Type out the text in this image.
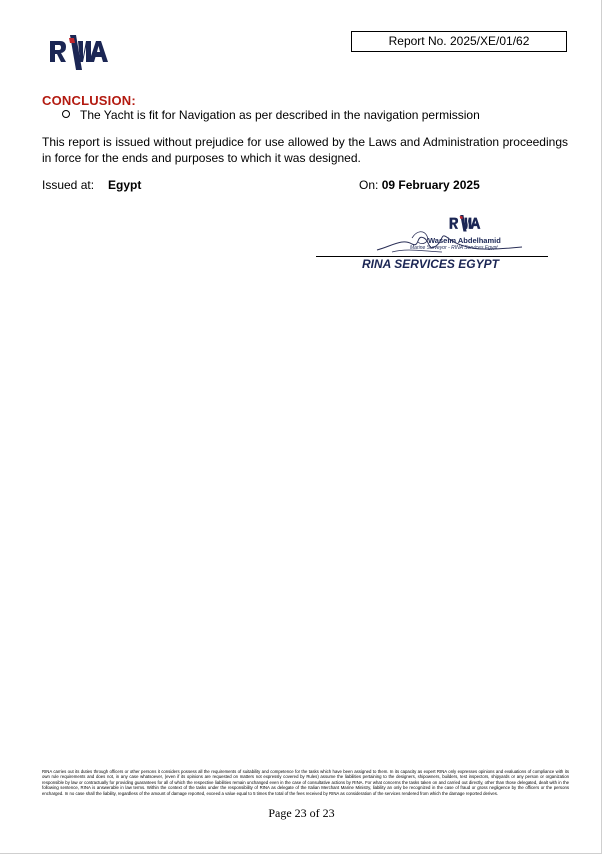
Report No. 2025/XE/01/62
CONCLUSION:
The Yacht is fit for Navigation as per described in the navigation permission
This report is issued without prejudice for use allowed by the Laws and Administration proceedings in force for the ends and purposes to which it was designed.
Issued at: Egypt	On: 09 February 2025
Waseim Abdelhamid
Marine Surveyor - RINA Services Egypt
RINA SERVICES EGYPT
RINA carries out its duties through officers or other persons it considers possess all the requirements of suitability and competence for the tasks which have been assigned to them. In its capacity as expert RINA only expresses opinions and evaluations of compliance with its own rule requirements and does not, in any case whatsoever, (even if its opinions are requested on matters not expressly covered by Rules) assume the liabilities pertaining to the designers, shipowners, builders, test inspectors, shipyards or any person or organization responsible by law or contractually for providing guarantees for all of which the respective liabilities remain unchanged even in the case of consultative actions by RINA. For what concerns the tasks taken on and carried out directly, other than those delegated, dealt with in the following sentence, RINA is answerable in law terms. Within the context of the tasks under the responsibility of RINA as delegate of the Italian Merchant Marine Ministry, liability an only be recognized in the case of fraud or gross negligence by the officers or the persons encharged. In no case shall the liability, regardless of the amount of damage reported, exceed a value equal to 5 times the total of the fees received by RINA as consideration of the services rendered from which the damage reported derives.
Page 23 of 23
